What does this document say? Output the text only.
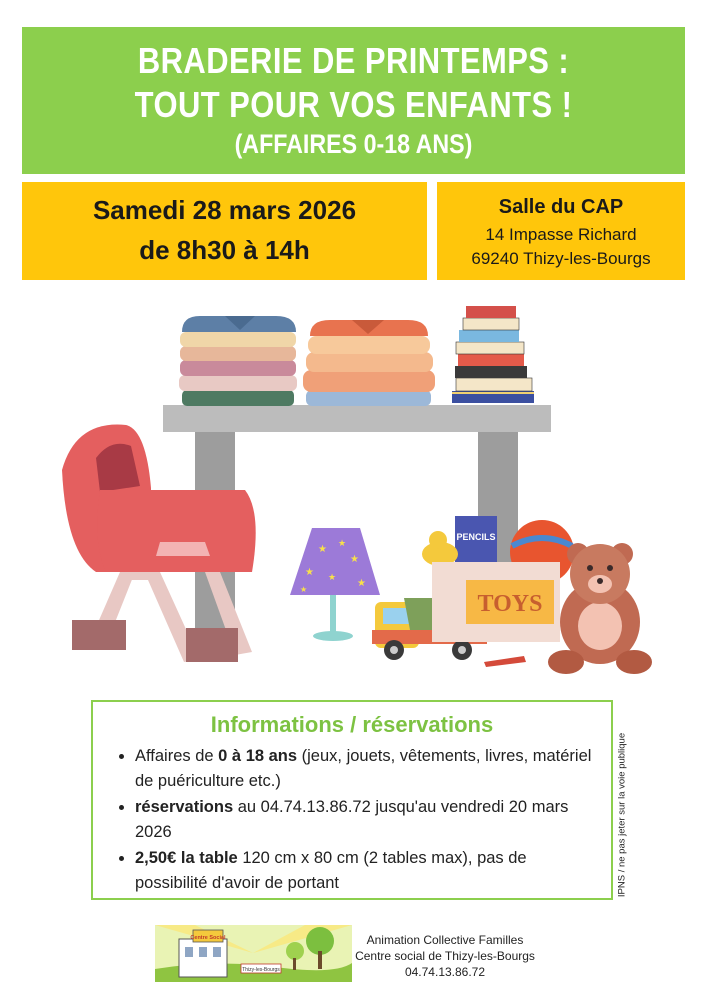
BRADERIE DE PRINTEMPS :
TOUT POUR VOS ENFANTS !
(AFFAIRES 0-18 ANS)
Samedi 28 mars 2026
de 8h30 à 14h
Salle du CAP
14 Impasse Richard
69240 Thizy-les-Bourgs
★
★
★
★ ★
★
★
PENCILS
TOYS
Informations / réservations
• Affaires de 0 à 18 ans (jeux, jouets, vêtements, livres, matériel de puériculture etc.)
• réservations au 04.74.13.86.72 jusqu'au vendredi 20 mars 2026
• 2,50€ la table 120 cm x 80 cm (2 tables max), pas de possibilité d'avoir de portant	IPNS / ne pas jeter sur la voie publique
Centre Social
Thizy-les-Bourgs
Animation Collective Familles
Centre social de Thizy-les-Bourgs
04.74.13.86.72
